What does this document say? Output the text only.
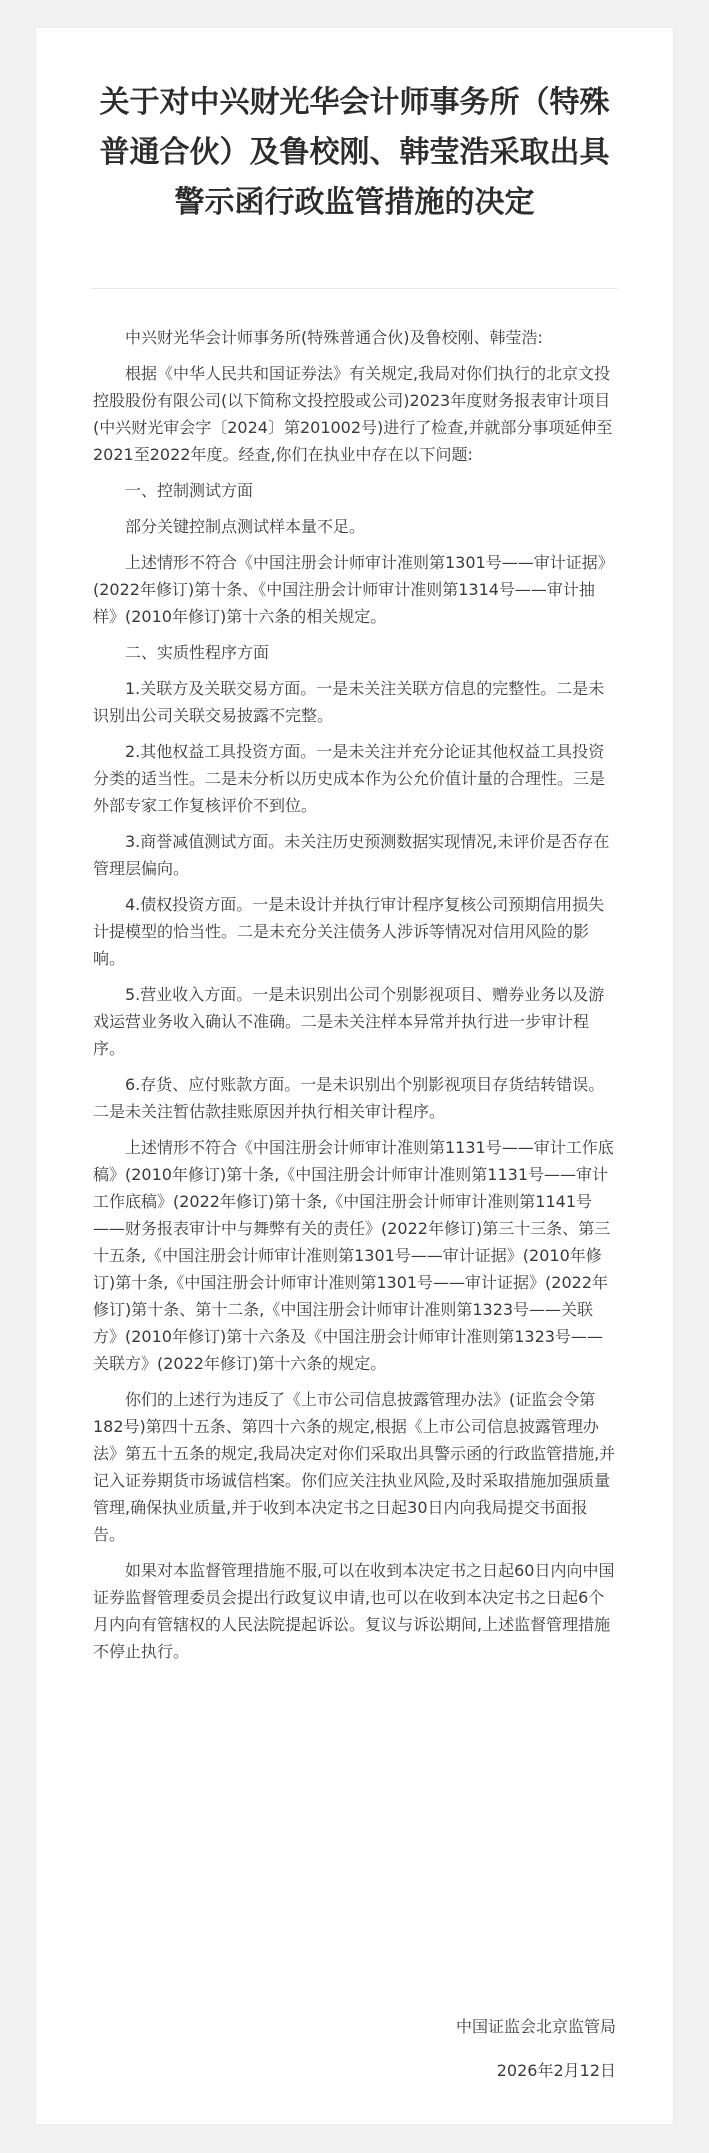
关于对中兴财光华会计师事务所（特殊普通合伙）及鲁校刚、韩莹浩采取出具警示函行政监管措施的决定

中兴财光华会计师事务所(特殊普通合伙)及鲁校刚、韩莹浩:

根据《中华人民共和国证券法》有关规定,我局对你们执行的北京文投控股股份有限公司(以下简称文投控股或公司)2023年度财务报表审计项目(中兴财光审会字〔2024〕第201002号)进行了检查,并就部分事项延伸至2021至2022年度。经查,你们在执业中存在以下问题:

一、控制测试方面

部分关键控制点测试样本量不足。

上述情形不符合《中国注册会计师审计准则第1301号——审计证据》(2022年修订)第十条、《中国注册会计师审计准则第1314号——审计抽样》(2010年修订)第十六条的相关规定。

二、实质性程序方面

1.关联方及关联交易方面。一是未关注关联方信息的完整性。二是未识别出公司关联交易披露不完整。

2.其他权益工具投资方面。一是未关注并充分论证其他权益工具投资分类的适当性。二是未分析以历史成本作为公允价值计量的合理性。三是外部专家工作复核评价不到位。

3.商誉减值测试方面。未关注历史预测数据实现情况,未评价是否存在管理层偏向。

4.债权投资方面。一是未设计并执行审计程序复核公司预期信用损失计提模型的恰当性。二是未充分关注债务人涉诉等情况对信用风险的影响。

5.营业收入方面。一是未识别出公司个别影视项目、赠券业务以及游戏运营业务收入确认不准确。二是未关注样本异常并执行进一步审计程序。

6.存货、应付账款方面。一是未识别出个别影视项目存货结转错误。二是未关注暂估款挂账原因并执行相关审计程序。

上述情形不符合《中国注册会计师审计准则第1131号——审计工作底稿》(2010年修订)第十条,《中国注册会计师审计准则第1131号——审计工作底稿》(2022年修订)第十条,《中国注册会计师审计准则第1141号——财务报表审计中与舞弊有关的责任》(2022年修订)第三十三条、第三十五条,《中国注册会计师审计准则第1301号——审计证据》(2010年修订)第十条,《中国注册会计师审计准则第1301号——审计证据》(2022年修订)第十条、第十二条,《中国注册会计师审计准则第1323号——关联方》(2010年修订)第十六条及《中国注册会计师审计准则第1323号——关联方》(2022年修订)第十六条的规定。

你们的上述行为违反了《上市公司信息披露管理办法》(证监会令第182号)第四十五条、第四十六条的规定,根据《上市公司信息披露管理办法》第五十五条的规定,我局决定对你们采取出具警示函的行政监管措施,并记入证券期货市场诚信档案。你们应关注执业风险,及时采取措施加强质量管理,确保执业质量,并于收到本决定书之日起30日内向我局提交书面报告。

如果对本监督管理措施不服,可以在收到本决定书之日起60日内向中国证券监督管理委员会提出行政复议申请,也可以在收到本决定书之日起6个月内向有管辖权的人民法院提起诉讼。复议与诉讼期间,上述监督管理措施不停止执行。

中国证监会北京监管局
2026年2月12日
